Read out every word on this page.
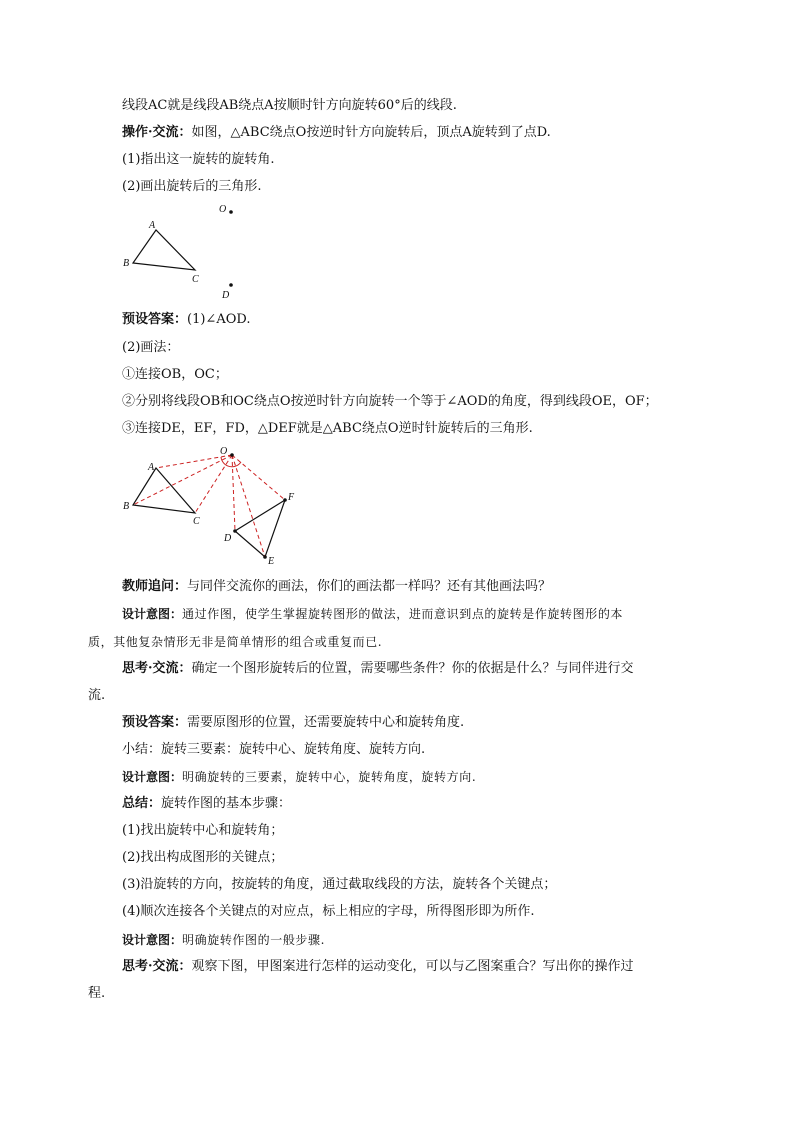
线段AC就是线段AB绕点A按顺时针方向旋转60°后的线段.
操作·交流：如图，△ABC绕点O按逆时针方向旋转后，顶点A旋转到了点D.
(1)指出这一旋转的旋转角.
(2)画出旋转后的三角形.
O
A
B
C
D
预设答案：(1)∠AOD.
(2)画法：
①连接OB，OC；
②分别将线段OB和OC绕点O按逆时针方向旋转一个等于∠AOD的角度，得到线段OE，OF；
③连接DE，EF，FD，△DEF就是△ABC绕点O逆时针旋转后的三角形.
O
A
B
C
D
E
F
教师追问：与同伴交流你的画法，你们的画法都一样吗？还有其他画法吗？
设计意图：通过作图，使学生掌握旋转图形的做法，进而意识到点的旋转是作旋转图形的本
质，其他复杂情形无非是简单情形的组合或重复而已.
思考·交流：确定一个图形旋转后的位置，需要哪些条件？你的依据是什么？与同伴进行交
流.
预设答案：需要原图形的位置，还需要旋转中心和旋转角度.
小结：旋转三要素：旋转中心、旋转角度、旋转方向.
设计意图：明确旋转的三要素，旋转中心，旋转角度，旋转方向.
总结：旋转作图的基本步骤：
(1)找出旋转中心和旋转角；
(2)找出构成图形的关键点；
(3)沿旋转的方向，按旋转的角度，通过截取线段的方法，旋转各个关键点；
(4)顺次连接各个关键点的对应点，标上相应的字母，所得图形即为所作.
设计意图：明确旋转作图的一般步骤.
思考·交流：观察下图，甲图案进行怎样的运动变化，可以与乙图案重合？写出你的操作过
程.
